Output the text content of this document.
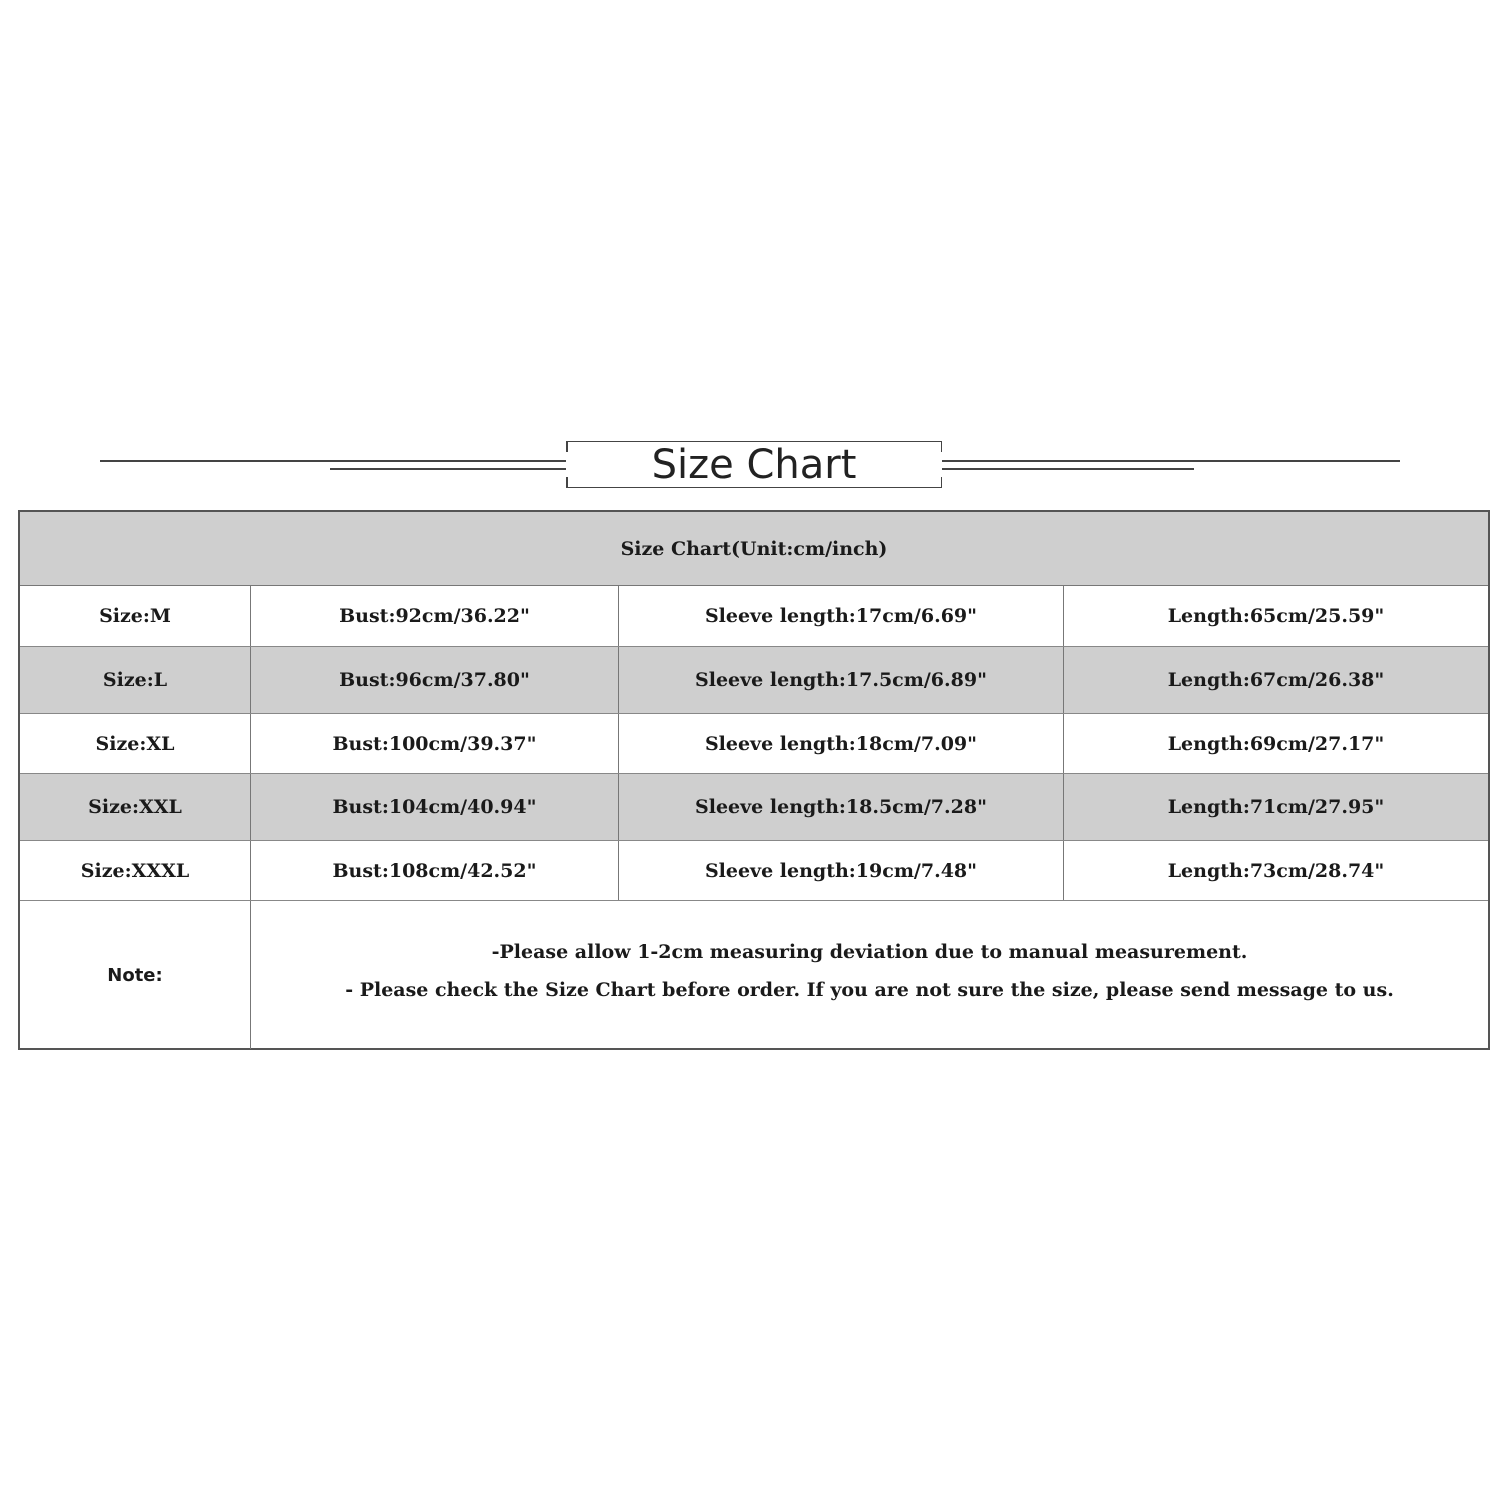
Size Chart
Size Chart(Unit:cm/inch)
Size:M	Bust:92cm/36.22"	Sleeve length:17cm/6.69"	Length:65cm/25.59"
Size:L	Bust:96cm/37.80"	Sleeve length:17.5cm/6.89"	Length:67cm/26.38"
Size:XL	Bust:100cm/39.37"	Sleeve length:18cm/7.09"	Length:69cm/27.17"
Size:XXL	Bust:104cm/40.94"	Sleeve length:18.5cm/7.28"	Length:71cm/27.95"
Size:XXXL	Bust:108cm/42.52"	Sleeve length:19cm/7.48"	Length:73cm/28.74"
Note:
-Please allow 1-2cm measuring deviation due to manual measurement.
- Please check the Size Chart before order. If you are not sure the size, please send message to us.
